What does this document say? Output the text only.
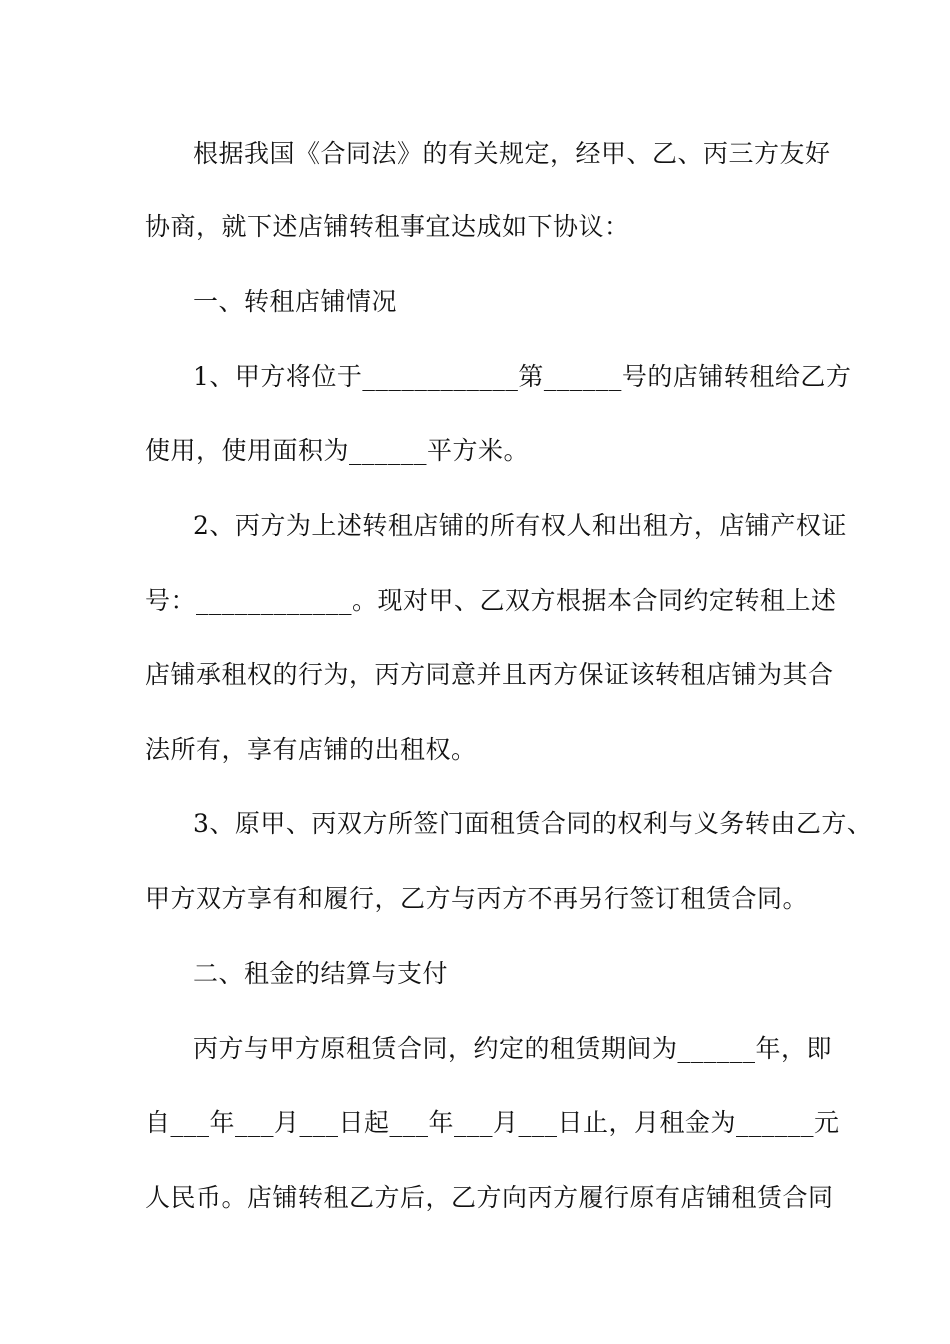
根据我国《合同法》的有关规定，经甲、乙、丙三方友好
协商，就下述店铺转租事宜达成如下协议：
一、转租店铺情况
1、甲方将位于____________第______号的店铺转租给乙方
使用，使用面积为______平方米。
2、丙方为上述转租店铺的所有权人和出租方，店铺产权证
号：____________。现对甲、乙双方根据本合同约定转租上述
店铺承租权的行为，丙方同意并且丙方保证该转租店铺为其合
法所有，享有店铺的出租权。
3、原甲、丙双方所签门面租赁合同的权利与义务转由乙方、
甲方双方享有和履行，乙方与丙方不再另行签订租赁合同。
二、租金的结算与支付
丙方与甲方原租赁合同，约定的租赁期间为______年，即
自___年___月___日起___年___月___日止，月租金为______元
人民币。店铺转租乙方后，乙方向丙方履行原有店铺租赁合同
